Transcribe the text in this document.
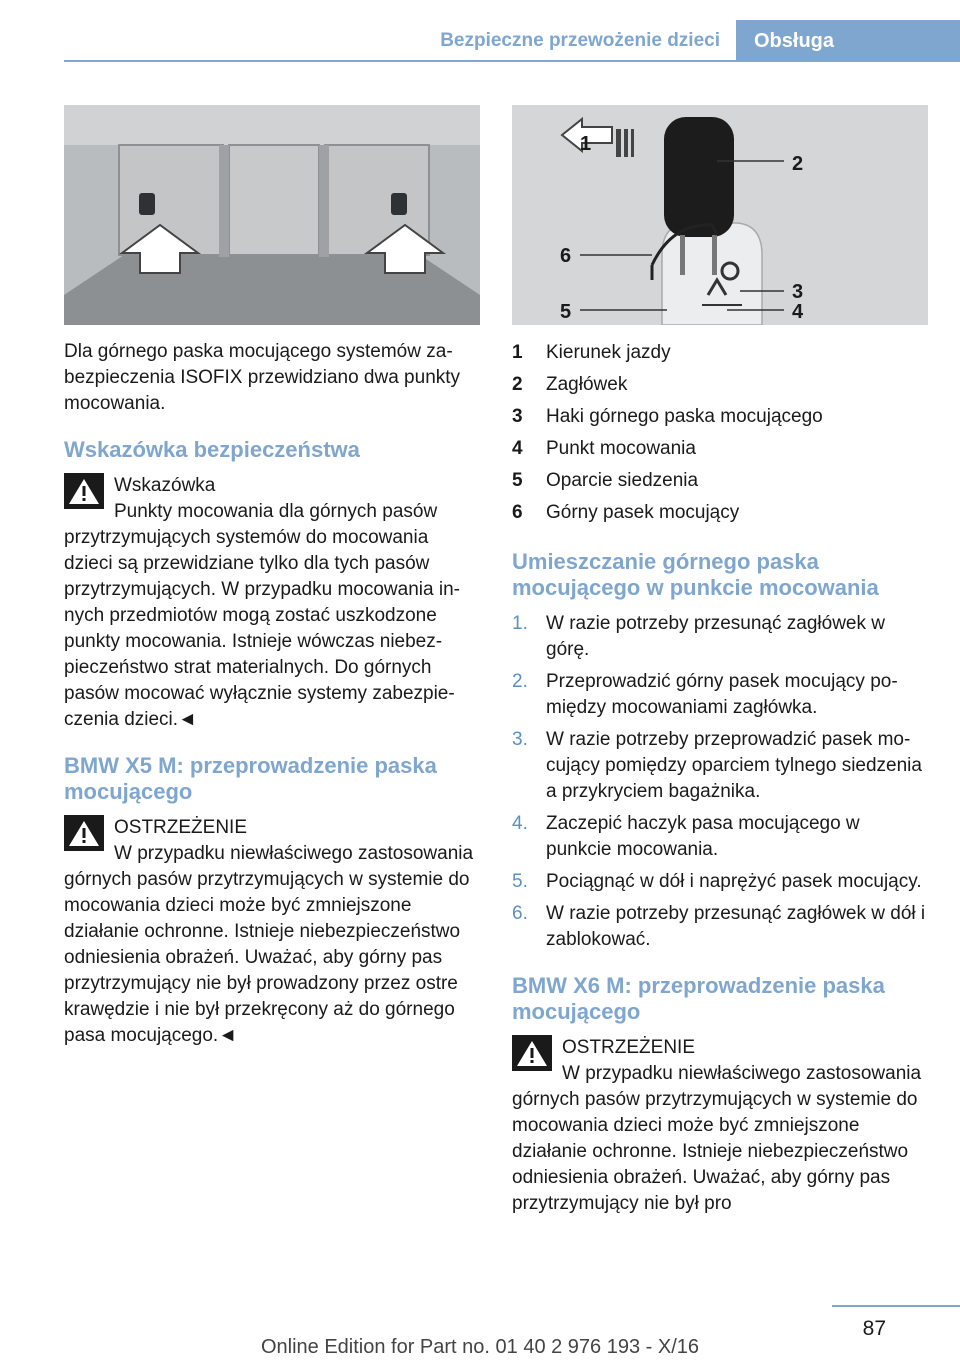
Bezpieczne przewożenie dzieci Obsługa

Dla górnego paska mocującego systemów zabezpieczenia ISOFIX przewidziano dwa punkty mocowania.

Wskazówka bezpieczeństwa
Wskazówka
Punkty mocowania dla górnych pasów przytrzymujących systemów do mocowania dzieci są przewidziane tylko dla tych pasów przytrzymujących. W przypadku mocowania innych przedmiotów mogą zostać uszkodzone punkty mocowania. Istnieje wówczas niebezpieczeństwo strat materialnych. Do górnych pasów mocować wyłącznie systemy zabezpieczenia dzieci.◄
BMW X5 M: przeprowadzenie paska mocującego
OSTRZEŻENIE
W przypadku niewłaściwego zastosowania górnych pasów przytrzymujących w systemie do mocowania dzieci może być zmniejszone działanie ochronne. Istnieje niebezpieczeństwo odniesienia obrażeń. Uważać, aby górny pas przytrzymujący nie był prowadzony przez ostre krawędzie i nie był przekręcony aż do górnego pasa mocującego.◄
1
2
3
4
5
6
1	Kierunek jazdy
2	Zagłówek
3	Haki górnego paska mocującego
4	Punkt mocowania
5	Oparcie siedzenia
6	Górny pasek mocujący
Umieszczanie górnego paska mocującego w punkcie mocowania
1. W razie potrzeby przesunąć zagłówek w górę.
2. Przeprowadzić górny pasek mocujący pomiędzy mocowaniami zagłówka.
3. W razie potrzeby przeprowadzić pasek mocujący pomiędzy oparciem tylnego siedzenia a przykryciem bagażnika.
4. Zaczepić haczyk pasa mocującego w punkcie mocowania.
5. Pociągnąć w dół i naprężyć pasek mocujący.
6. W razie potrzeby przesunąć zagłówek w dół i zablokować.
BMW X6 M: przeprowadzenie paska mocującego
OSTRZEŻENIE
W przypadku niewłaściwego zastosowania górnych pasów przytrzymujących w systemie do mocowania dzieci może być zmniejszone działanie ochronne. Istnieje niebezpieczeństwo odniesienia obrażeń. Uważać, aby górny pas przytrzymujący nie był pro
87
Online Edition for Part no. 01 40 2 976 193 - X/16
